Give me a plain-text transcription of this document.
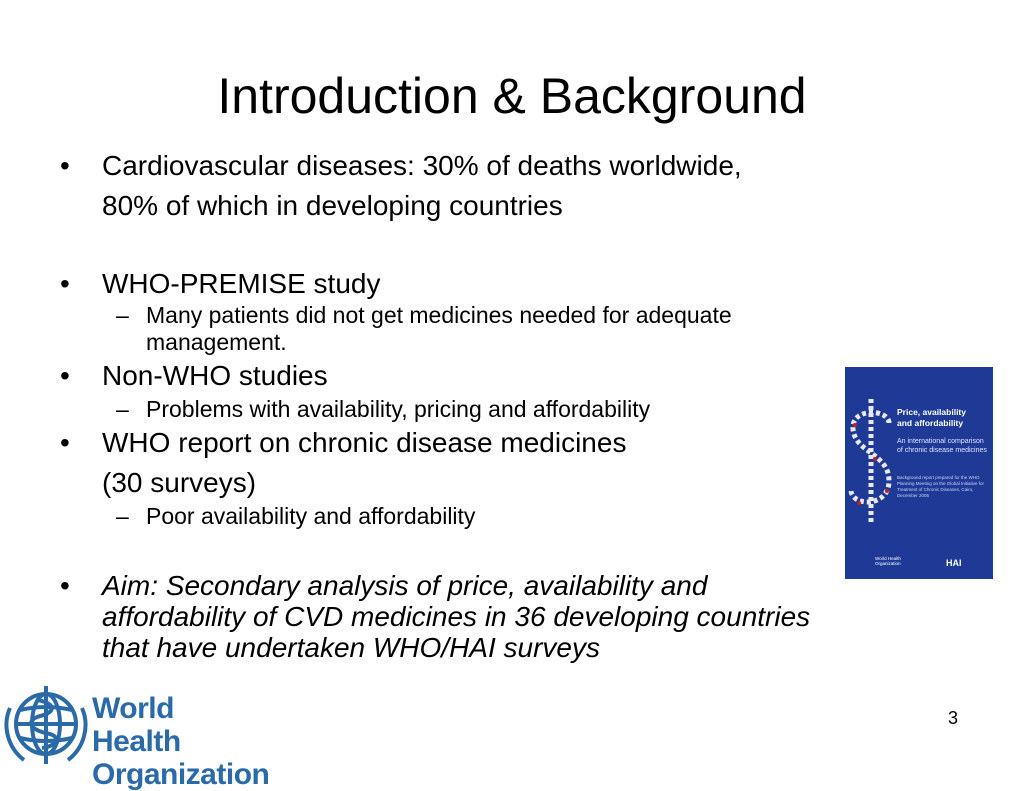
Introduction & Background
• Cardiovascular diseases: 30% of deaths worldwide,
80% of which in developing countries
• WHO-PREMISE study
– Many patients did not get medicines needed for adequate
management.
• Non-WHO studies
– Problems with availability, pricing and affordability
• WHO report on chronic disease medicines
(30 surveys)
– Poor availability and affordability
• Aim: Secondary analysis of price, availability and
affordability of CVD medicines in 36 developing countries
that have undertaken WHO/HAI surveys
Price, availability
and affordability
An international comparison of chronic disease medicines
Background report prepared for the WHO Planning Meeting on the Global Initiative for Treatment of Chronic Diseases, Cairo, December 2005
World Health Organization	HAI
World Health
Organization
3
